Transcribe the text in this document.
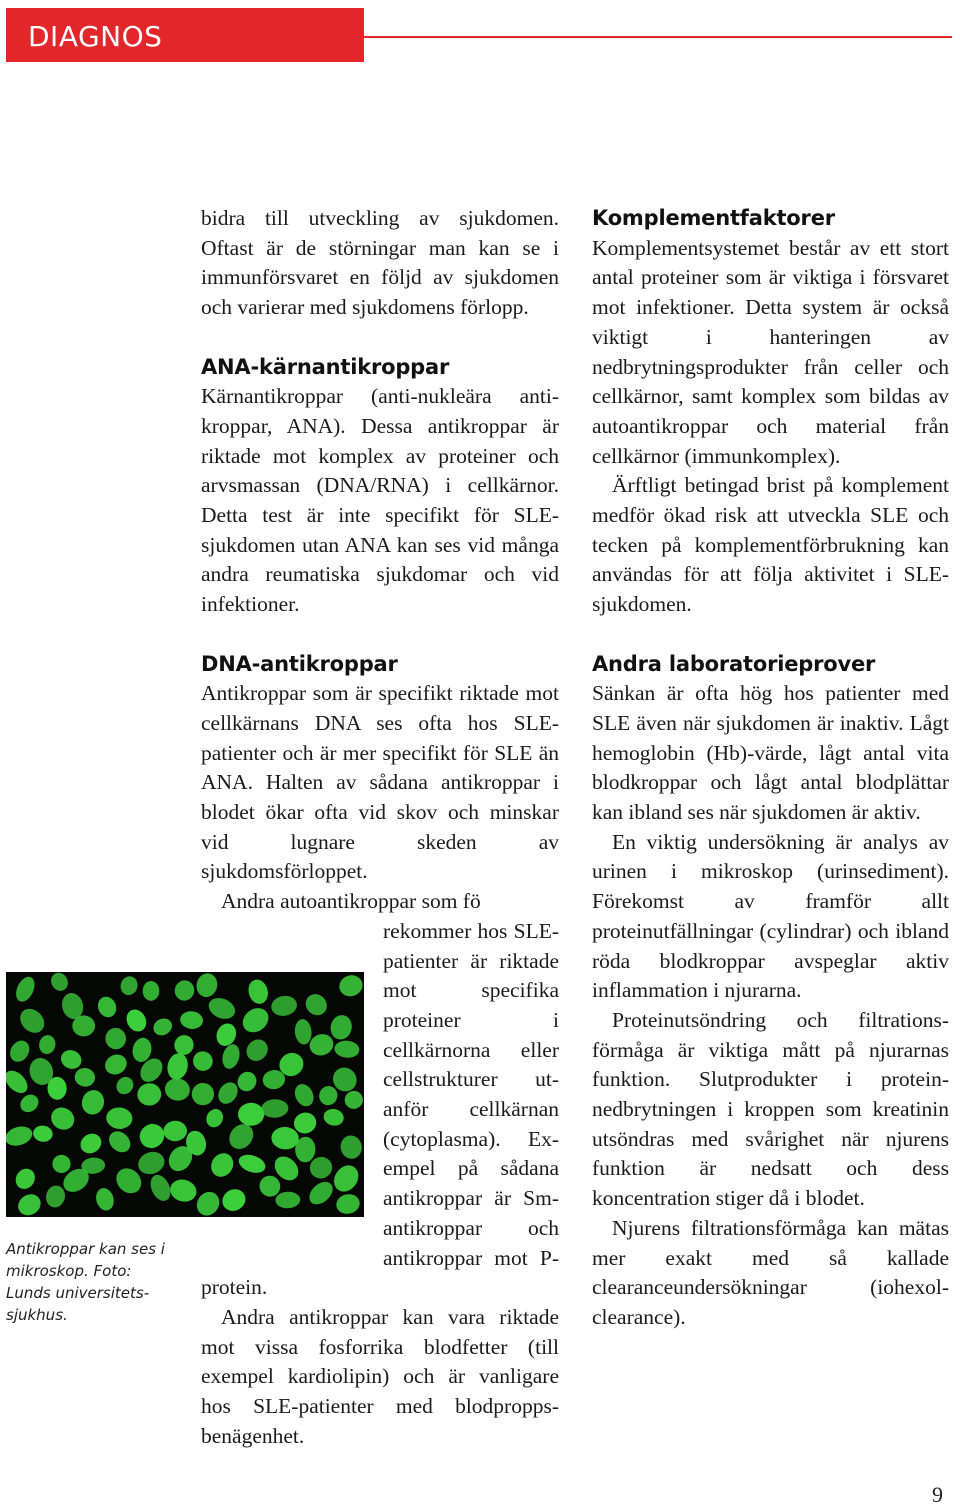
DIAGNOS

bidra till utveckling av sjukdomen. Oftast är de störningar man kan se i immunförsvaret en följd av sjukdomen och varierar med sjukdomens förlopp.

ANA-kärnantikroppar

Kärnantikroppar (anti-nukleära antikroppar, ANA). Dessa antikroppar är riktade mot komplex av proteiner och arvsmassan (DNA/RNA) i cellkärnor. Detta test är inte specifikt för SLE-sjukdomen utan ANA kan ses vid många andra reumatiska sjukdomar och vid infektioner.

DNA-antikroppar

Antikroppar som är specifikt riktade mot cellkärnans DNA ses ofta hos SLE-patienter och är mer specifikt för SLE än ANA. Halten av sådana antikroppar i blodet ökar ofta vid skov och minskar vid lugnare skeden av sjukdomsförloppet.

Andra autoantikroppar som fö

rekommer hos SLE-patienter är riktade mot specifika proteiner i cellkärnorna eller cellstrukturer utanför cellkärnan (cytoplasma). Exempel på sådana antikroppar är Sm-antikroppar och antikroppar mot P-protein.

Andra antikroppar kan vara riktade mot vissa fosforrika blodfetter (till exempel kardiolipin) och är vanligare hos SLE-patienter med blodproppsbenägenhet.

Komplementfaktorer

Komplementsystemet består av ett stort antal proteiner som är viktiga i försvaret mot infektioner. Detta system är också viktigt i hanteringen av nedbrytningsprodukter från celler och cellkärnor, samt komplex som bildas av autoantikroppar och material från cellkärnor (immunkomplex).

Ärftligt betingad brist på komplement medför ökad risk att utveckla SLE och tecken på komplementförbrukning kan användas för att följa aktivitet i SLE-sjukdomen.

Andra laboratorieprover

Sänkan är ofta hög hos patienter med SLE även när sjukdomen är inaktiv. Lågt hemoglobin (Hb)-värde, lågt antal vita blodkroppar och lågt antal blodplättar kan ibland ses när sjukdomen är aktiv.

En viktig undersökning är analys av urinen i mikroskop (urinsediment). Förekomst av framför allt proteinutfällningar (cylindrar) och ibland röda blodkroppar avspeglar aktiv inflammation i njurarna.

Proteinutsöndring och filtrationsförmåga är viktiga mått på njurarnas funktion. Slutprodukter i proteinnedbrytningen i kroppen som kreatinin utsöndras med svårighet när njurens funktion är nedsatt och dess koncentration stiger då i blodet.

Njurens filtrationsförmåga kan mätas mer exakt med så kallade clearanceundersökningar (iohexolclearance).

Antikroppar kan ses i mikroskop. Foto: Lunds universitetssjukhus.
9
